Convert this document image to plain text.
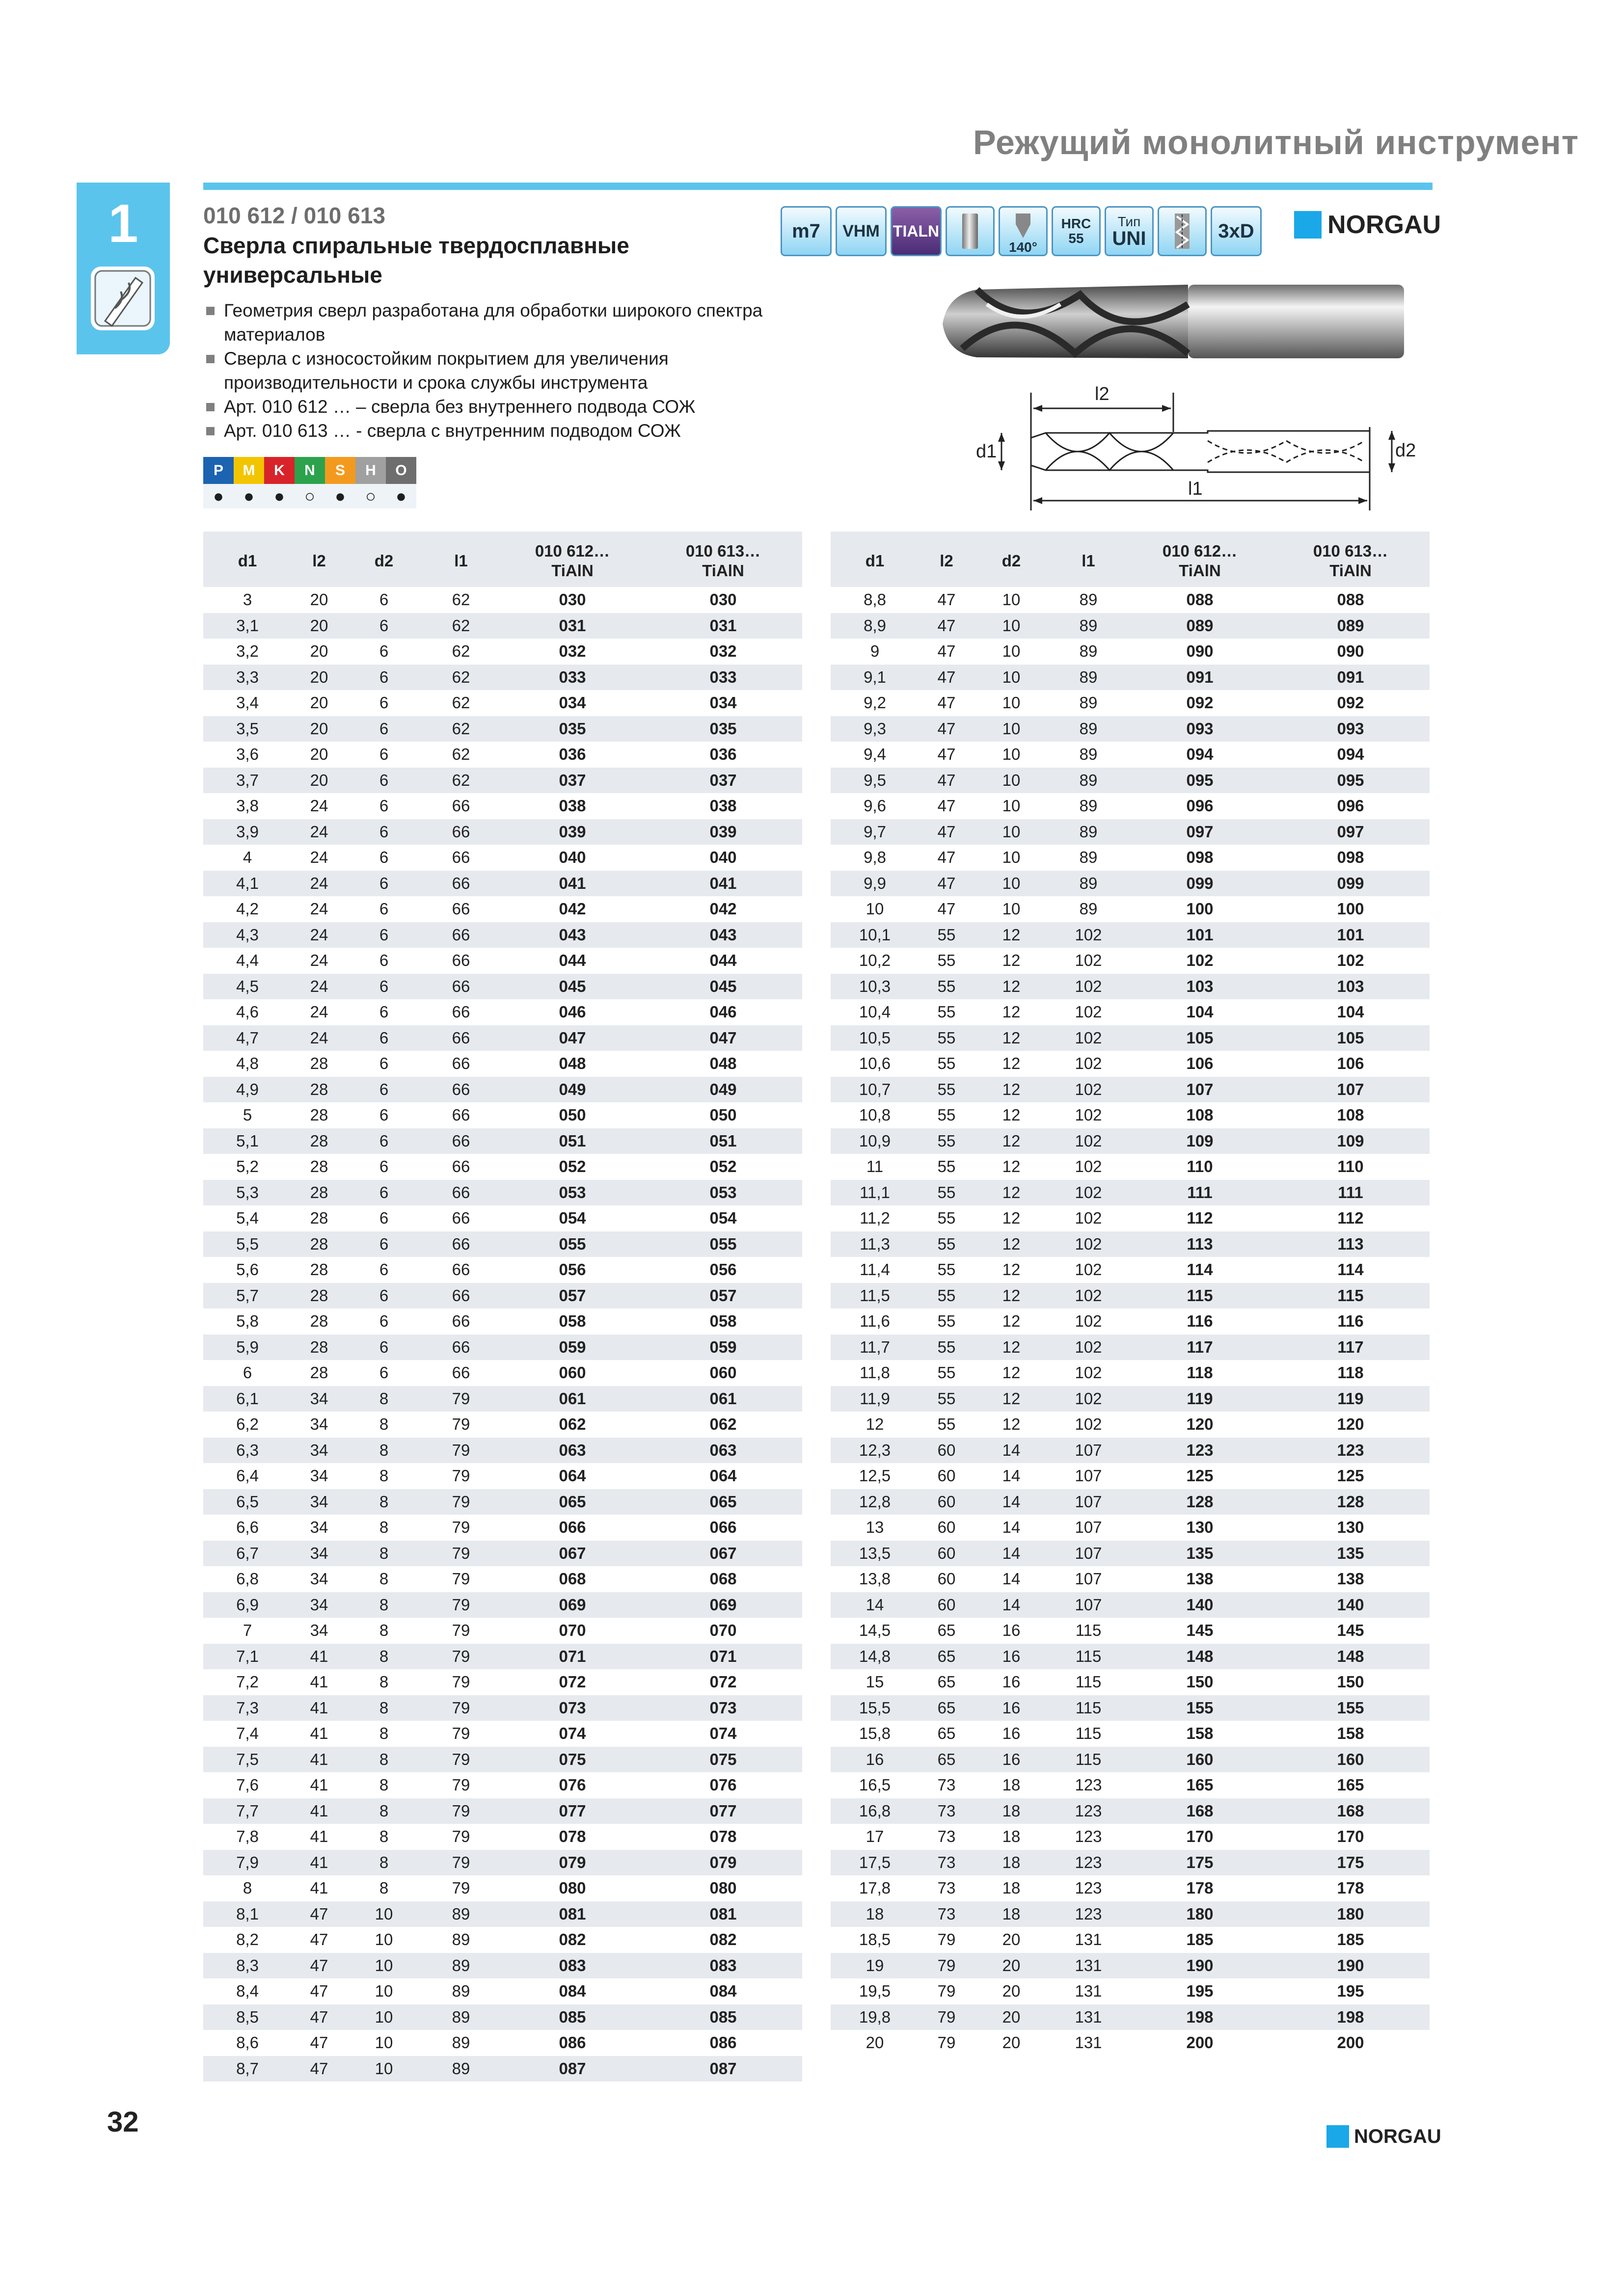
Режущий монолитный инструмент
1	010 612 / 010 613
Сверла спиральные твердосплавные универсальные
Геометрия сверл разработана для обработки широкого спектра материалов
Сверла с износостойким покрытием для увеличения производительности и срока службы инструмента
Арт. 010 612 … – сверла без внутреннего подвода СОЖ
Арт. 010 613 … - сверла с внутренним подводом СОЖ
P	M	K	N	S	H	O
●	●	●	○	●	○	●
m7	VHM TIALN
140°
HRC
55
Тип
UNI	3xD	NORGAU
l2
d1	d2
l1
d1	l2	d2	l1	010 612…
TiAlN	010 613…
TiAlN
3	20	6	62	030	030
3,1	20	6	62	031	031
3,2	20	6	62	032	032
3,3	20	6	62	033	033
3,4	20	6	62	034	034
3,5	20	6	62	035	035
3,6	20	6	62	036	036
3,7	20	6	62	037	037
3,8	24	6	66	038	038
3,9	24	6	66	039	039
4	24	6	66	040	040
4,1	24	6	66	041	041
4,2	24	6	66	042	042
4,3	24	6	66	043	043
4,4	24	6	66	044	044
4,5	24	6	66	045	045
4,6	24	6	66	046	046
4,7	24	6	66	047	047
4,8	28	6	66	048	048
4,9	28	6	66	049	049
5	28	6	66	050	050
5,1	28	6	66	051	051
5,2	28	6	66	052	052
5,3	28	6	66	053	053
5,4	28	6	66	054	054
5,5	28	6	66	055	055
5,6	28	6	66	056	056
5,7	28	6	66	057	057
5,8	28	6	66	058	058
5,9	28	6	66	059	059
6	28	6	66	060	060
6,1	34	8	79	061	061
6,2	34	8	79	062	062
6,3	34	8	79	063	063
6,4	34	8	79	064	064
6,5	34	8	79	065	065
6,6	34	8	79	066	066
6,7	34	8	79	067	067
6,8	34	8	79	068	068
6,9	34	8	79	069	069
7	34	8	79	070	070
7,1	41	8	79	071	071
7,2	41	8	79	072	072
7,3	41	8	79	073	073
7,4	41	8	79	074	074
7,5	41	8	79	075	075
7,6	41	8	79	076	076
7,7	41	8	79	077	077
7,8	41	8	79	078	078
7,9	41	8	79	079	079
8	41	8	79	080	080
8,1	47	10	89	081	081
8,2	47	10	89	082	082
8,3	47	10	89	083	083
8,4	47	10	89	084	084
8,5	47	10	89	085	085
8,6	47	10	89	086	086
8,7	47	10	89	087	087
d1	l2	d2	l1	010 612…
TiAlN	010 613…
TiAlN
8,8	47	10	89	088	088
8,9	47	10	89	089	089
9	47	10	89	090	090
9,1	47	10	89	091	091
9,2	47	10	89	092	092
9,3	47	10	89	093	093
9,4	47	10	89	094	094
9,5	47	10	89	095	095
9,6	47	10	89	096	096
9,7	47	10	89	097	097
9,8	47	10	89	098	098
9,9	47	10	89	099	099
10	47	10	89	100	100
10,1	55	12	102	101	101
10,2	55	12	102	102	102
10,3	55	12	102	103	103
10,4	55	12	102	104	104
10,5	55	12	102	105	105
10,6	55	12	102	106	106
10,7	55	12	102	107	107
10,8	55	12	102	108	108
10,9	55	12	102	109	109
11	55	12	102	110	110
11,1	55	12	102	111	111
11,2	55	12	102	112	112
11,3	55	12	102	113	113
11,4	55	12	102	114	114
11,5	55	12	102	115	115
11,6	55	12	102	116	116
11,7	55	12	102	117	117
11,8	55	12	102	118	118
11,9	55	12	102	119	119
12	55	12	102	120	120
12,3	60	14	107	123	123
12,5	60	14	107	125	125
12,8	60	14	107	128	128
13	60	14	107	130	130
13,5	60	14	107	135	135
13,8	60	14	107	138	138
14	60	14	107	140	140
14,5	65	16	115	145	145
14,8	65	16	115	148	148
15	65	16	115	150	150
15,5	65	16	115	155	155
15,8	65	16	115	158	158
16	65	16	115	160	160
16,5	73	18	123	165	165
16,8	73	18	123	168	168
17	73	18	123	170	170
17,5	73	18	123	175	175
17,8	73	18	123	178	178
18	73	18	123	180	180
18,5	79	20	131	185	185
19	79	20	131	190	190
19,5	79	20	131	195	195
19,8	79	20	131	198	198
20	79	20	131	200	200
32	NORGAU
